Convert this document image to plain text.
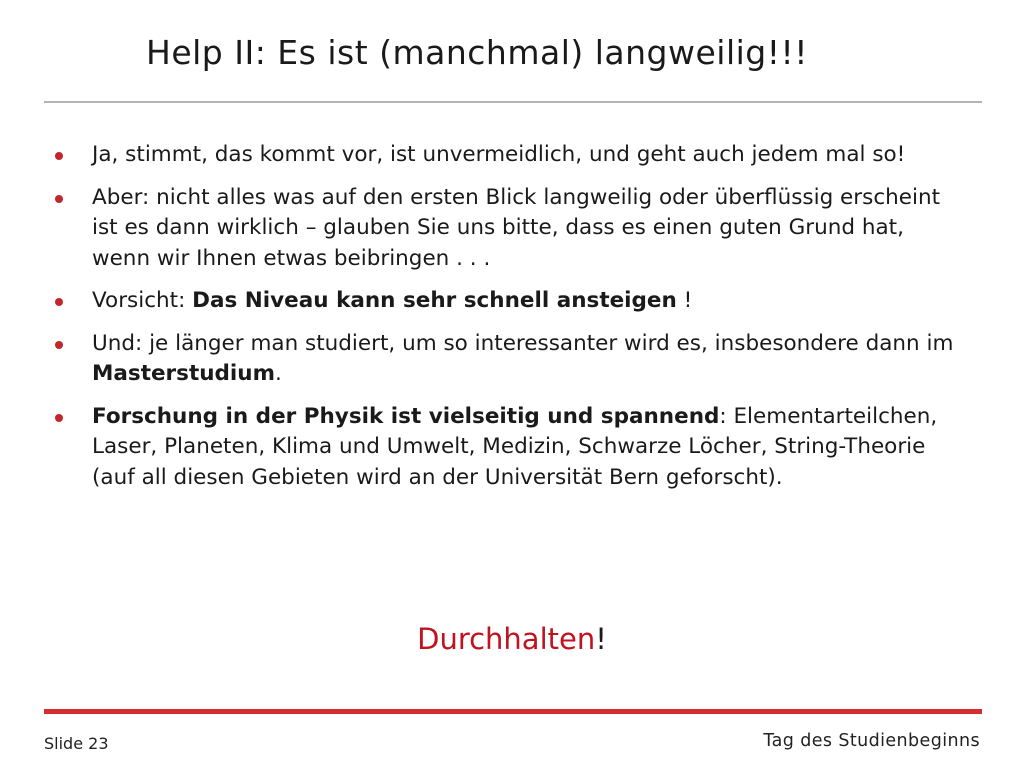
Help II: Es ist (manchmal) langweilig!!!
Ja, stimmt, das kommt vor, ist unvermeidlich, und geht auch jedem mal so!
Aber: nicht alles was auf den ersten Blick langweilig oder überflüssig erscheint ist es dann wirklich – glauben Sie uns bitte, dass es einen guten Grund hat, wenn wir Ihnen etwas beibringen . . .
Vorsicht: Das Niveau kann sehr schnell ansteigen !
Und: je länger man studiert, um so interessanter wird es, insbesondere dann im Masterstudium.
Forschung in der Physik ist vielseitig und spannend: Elementarteilchen, Laser, Planeten, Klima und Umwelt, Medizin, Schwarze Löcher, String-Theorie (auf all diesen Gebieten wird an der Universität Bern geforscht).
Durchhalten!
Slide 23	Tag des Studienbeginns
